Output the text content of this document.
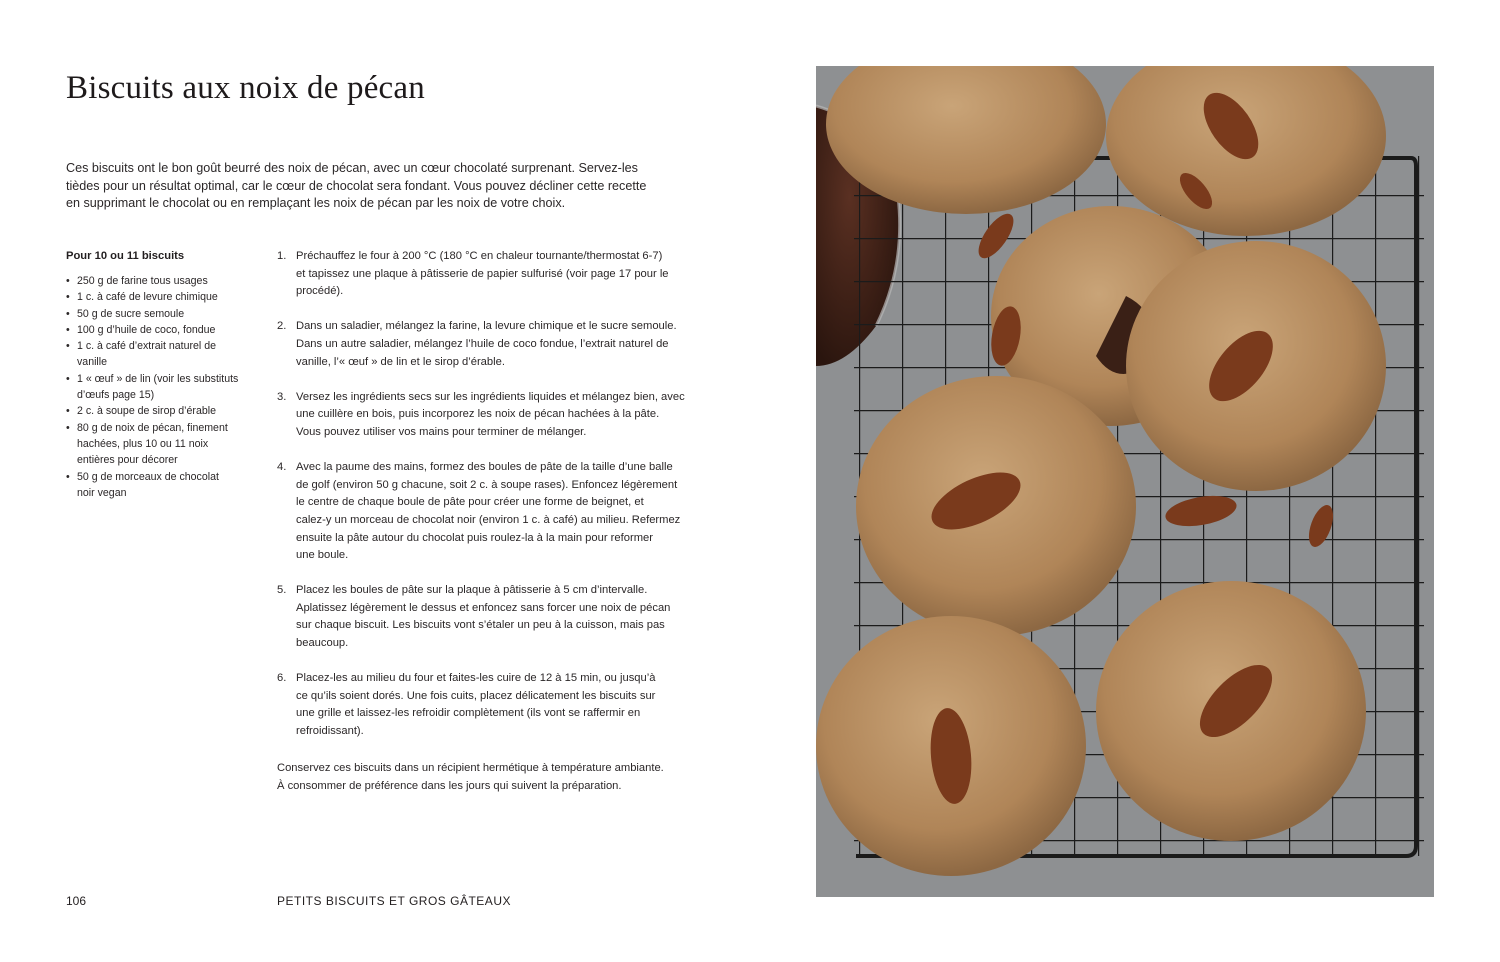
Biscuits aux noix de pécan

Ces biscuits ont le bon goût beurré des noix de pécan, avec un cœur chocolaté surprenant. Servez-les
tièdes pour un résultat optimal, car le cœur de chocolat sera fondant. Vous pouvez décliner cette recette
en supprimant le chocolat ou en remplaçant les noix de pécan par les noix de votre choix.

Pour 10 ou 11 biscuits
• 250 g de farine tous usages
• 1 c. à café de levure chimique
• 50 g de sucre semoule
• 100 g d’huile de coco, fondue
• 1 c. à café d’extrait naturel de
vanille
• 1 « œuf » de lin (voir les substituts
d’œufs page 15)
• 2 c. à soupe de sirop d’érable
• 80 g de noix de pécan, finement
hachées, plus 10 ou 11 noix
entières pour décorer
• 50 g de morceaux de chocolat
noir vegan
1. Préchauffez le four à 200 °C (180 °C en chaleur tournante/thermostat 6-7)
et tapissez une plaque à pâtisserie de papier sulfurisé (voir page 17 pour le
procédé).
2. Dans un saladier, mélangez la farine, la levure chimique et le sucre semoule.
Dans un autre saladier, mélangez l’huile de coco fondue, l’extrait naturel de
vanille, l’« œuf » de lin et le sirop d’érable.
3. Versez les ingrédients secs sur les ingrédients liquides et mélangez bien, avec
une cuillère en bois, puis incorporez les noix de pécan hachées à la pâte.
Vous pouvez utiliser vos mains pour terminer de mélanger.
4. Avec la paume des mains, formez des boules de pâte de la taille d’une balle
de golf (environ 50 g chacune, soit 2 c. à soupe rases). Enfoncez légèrement
le centre de chaque boule de pâte pour créer une forme de beignet, et
calez-y un morceau de chocolat noir (environ 1 c. à café) au milieu. Refermez
ensuite la pâte autour du chocolat puis roulez-la à la main pour reformer
une boule.
5. Placez les boules de pâte sur la plaque à pâtisserie à 5 cm d’intervalle.
Aplatissez légèrement le dessus et enfoncez sans forcer une noix de pécan
sur chaque biscuit. Les biscuits vont s’étaler un peu à la cuisson, mais pas
beaucoup.
6. Placez-les au milieu du four et faites-les cuire de 12 à 15 min, ou jusqu’à
ce qu’ils soient dorés. Une fois cuits, placez délicatement les biscuits sur
une grille et laissez-les refroidir complètement (ils vont se raffermir en
refroidissant).

Conservez ces biscuits dans un récipient hermétique à température ambiante.
À consommer de préférence dans les jours qui suivent la préparation.

106	PETITS BISCUITS ET GROS GÂTEAUX
